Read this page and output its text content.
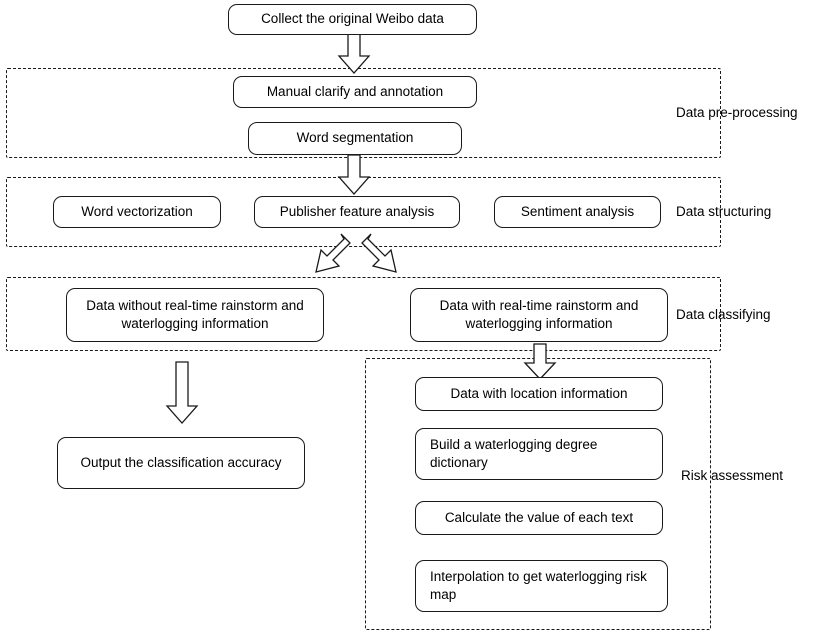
Data pre-processing
Data structuring
Data classifying
Risk assessment
Collect the original Weibo data
Manual clarify and annotation
Word segmentation
Word vectorization	Publisher feature analysis	Sentiment analysis
Data without real-time rainstorm and waterlogging information
Data with real-time rainstorm and waterlogging information
Output the classification accuracy
Data with location information
Build a waterlogging degree dictionary
Calculate the value of each text
Interpolation to get waterlogging risk map
